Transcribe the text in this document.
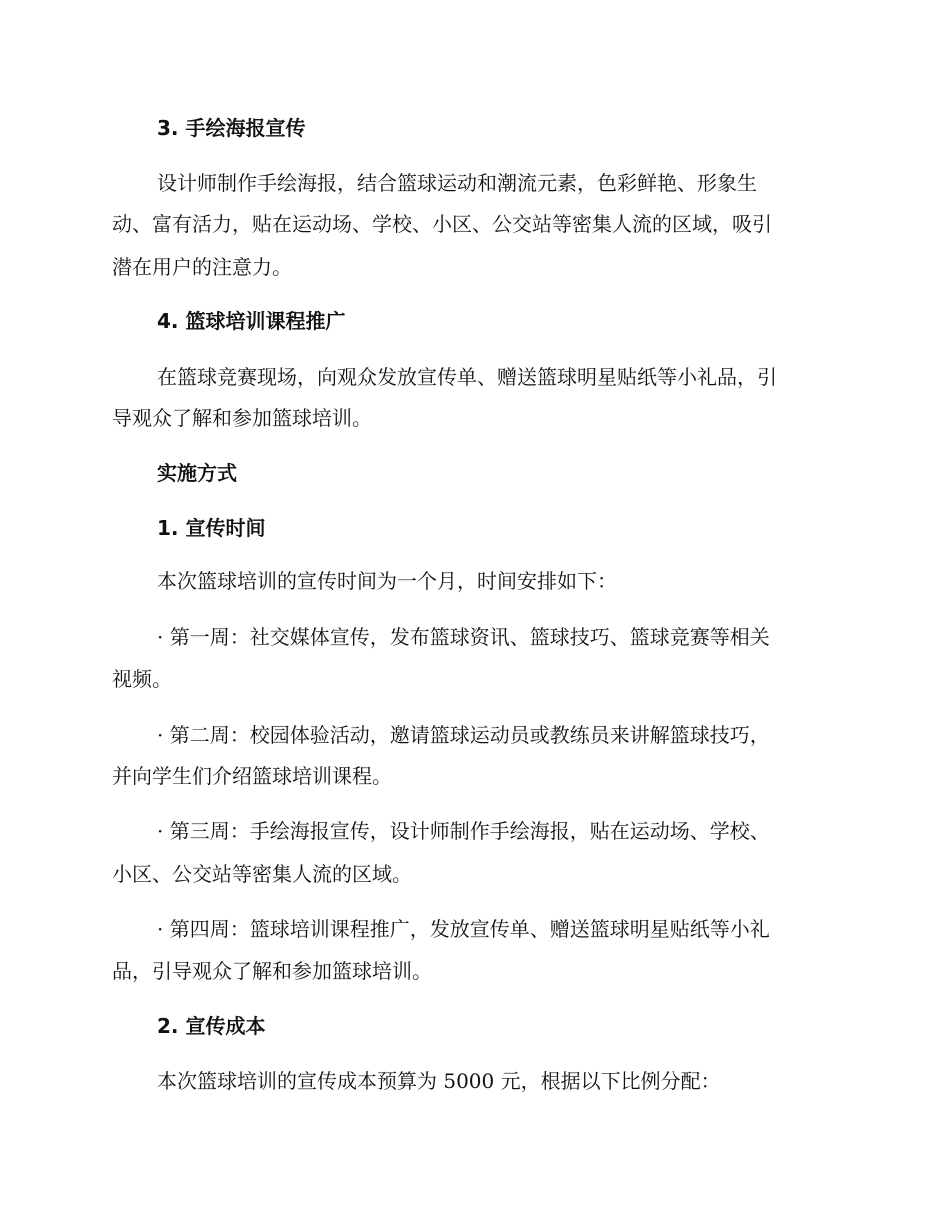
3. 手绘海报宣传
设计师制作手绘海报，结合篮球运动和潮流元素，色彩鲜艳、形象生
动、富有活力，贴在运动场、学校、小区、公交站等密集人流的区域，吸引
潜在用户的注意力。
4. 篮球培训课程推广
在篮球竞赛现场，向观众发放宣传单、赠送篮球明星贴纸等小礼品，引
导观众了解和参加篮球培训。
实施方式
1. 宣传时间
本次篮球培训的宣传时间为一个月，时间安排如下：
· 第一周：社交媒体宣传，发布篮球资讯、篮球技巧、篮球竞赛等相关
视频。
· 第二周：校园体验活动，邀请篮球运动员或教练员来讲解篮球技巧，
并向学生们介绍篮球培训课程。
· 第三周：手绘海报宣传，设计师制作手绘海报，贴在运动场、学校、
小区、公交站等密集人流的区域。
· 第四周：篮球培训课程推广，发放宣传单、赠送篮球明星贴纸等小礼
品，引导观众了解和参加篮球培训。
2. 宣传成本
本次篮球培训的宣传成本预算为 5000 元，根据以下比例分配：
